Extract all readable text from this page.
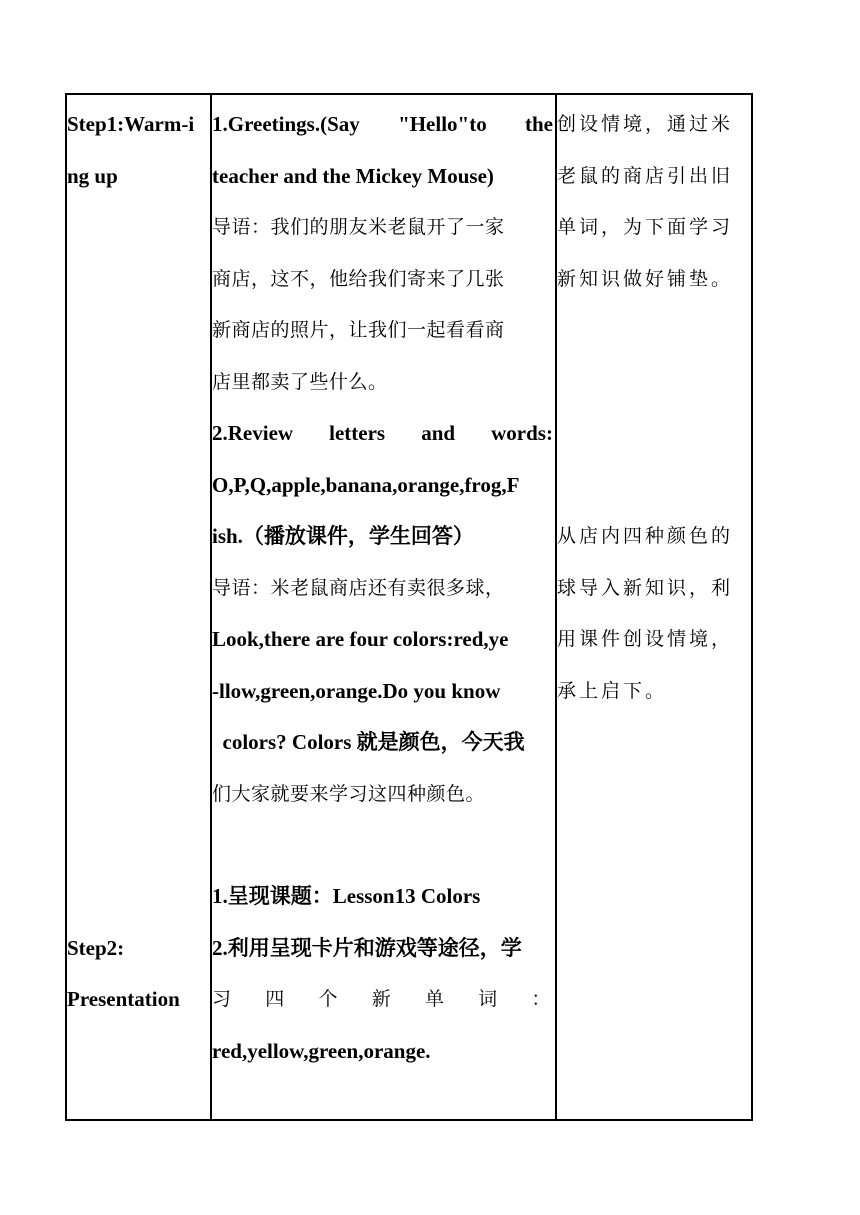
Step1:Warm-i
ng up
Step2:
Presentation
1.Greetings.(Say "Hello"to the
teacher and the Mickey Mouse)
导语：我们的朋友米老鼠开了一家
商店，这不，他给我们寄来了几张
新商店的照片，让我们一起看看商
店里都卖了些什么。
2.Review letters and words:
O,P,Q,apple,banana,orange,frog,F
ish.（播放课件，学生回答）
导语：米老鼠商店还有卖很多球，
Look,there are four colors:red,ye
-llow,green,orange.Do you know
colors? Colors 就是颜色，今天我
们大家就要来学习这四种颜色。
1.呈现课题：Lesson13 Colors
2.利用呈现卡片和游戏等途径，学
习 四 个 新 单 词 ：
red,yellow,green,orange.
创设情境，通过米
老鼠的商店引出旧
单词，为下面学习
新知识做好铺垫。
从店内四种颜色的
球导入新知识，利
用课件创设情境，
承上启下。
